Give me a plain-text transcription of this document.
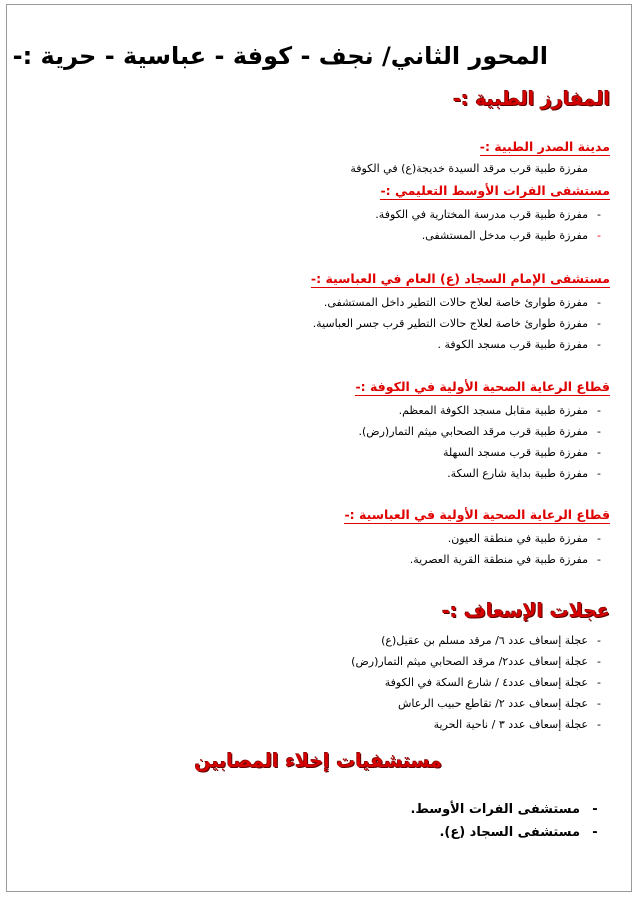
المحور الثاني/ نجف - كوفة - عباسية - حرية :-
المفارز الطبية :-
مدينة الصدر الطبية :-
مفرزة طبية قرب مرقد السيدة خديجة(ع) في الكوفة
مستشفى الفرات الأوسط التعليمي :-
-مفرزة طبية قرب مدرسة المختارية في الكوفة.
-مفرزة طبية قرب مدخل المستشفى.
مستشفى الإمام السجاد (ع) العام في العباسية :-
-مفرزة طوارئ خاصة لعلاج حالات التطير داخل المستشفى.
-مفرزة طوارئ خاصة لعلاج حالات التطير قرب جسر العباسية.
-مفرزة طبية قرب مسجد الكوفة .
قطاع الرعاية الصحية الأولية في الكوفة :-
-مفرزة طبية مقابل مسجد الكوفة المعظم.
-مفرزة طبية قرب مرقد الصحابي ميثم التمار(رض).
-مفرزة طبية قرب مسجد السهلة
-مفرزة طبية بداية شارع السكة.
قطاع الرعاية الصحية الأولية في العباسية :-
-مفرزة طبية في منطقة العيون.
-مفرزة طبية في منطقة القرية العصرية.
عجلات الإسعاف :-
-عجلة إسعاف عدد ٦/ مرقد مسلم بن عقيل(ع)
-عجلة إسعاف عدد٢/ مرقد الصحابي ميثم التمار(رض)
-عجلة إسعاف عدد٤ / شارع السكة في الكوفة
-عجلة إسعاف عدد ٢/ تقاطع حبيب الرعاش
-عجلة إسعاف عدد ٣ / ناحية الحرية
مستشفيات إخلاء المصابين
-مستشفى الفرات الأوسط.
-مستشفى السجاد (ع).
